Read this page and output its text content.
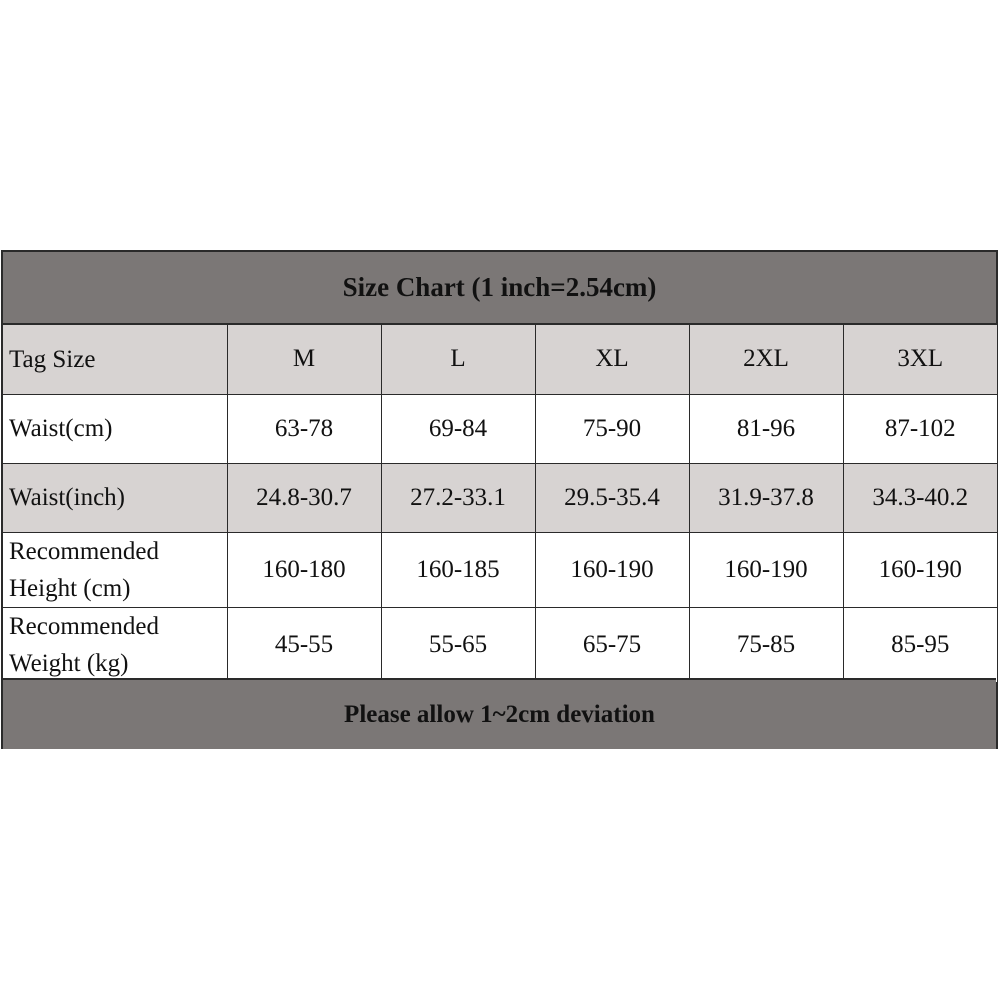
Size Chart (1 inch=2.54cm)
Tag Size	M	L	XL	2XL	3XL
Waist(cm)	63-78	69-84	75-90	81-96	87-102
Waist(inch)	24.8-30.7	27.2-33.1	29.5-35.4	31.9-37.8	34.3-40.2
Recommended
Height (cm)	160-180	160-185	160-190	160-190	160-190
Recommended
Weight (kg)	45-55	55-65	65-75	75-85	85-95
Please allow 1~2cm deviation
